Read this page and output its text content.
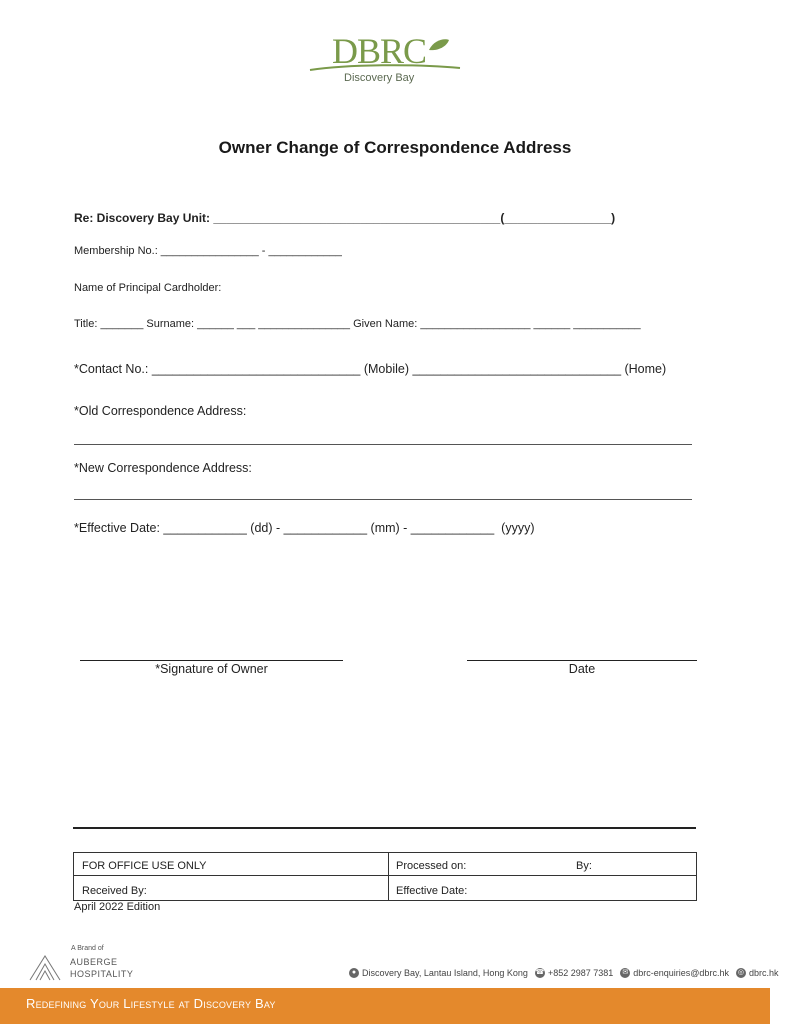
DBRC
Discovery Bay
Owner Change of Correspondence Address
Re: Discovery Bay Unit: ___________________________________________(________________)
Membership No.: ________________ - ____________
Name of Principal Cardholder:
Title: _______ Surname: ______ ___ _______________ Given Name: __________________ ______ ___________
*Contact No.: ______________________________ (Mobile) ______________________________ (Home)
*Old Correspondence Address:
*New Correspondence Address:
*Effective Date: ____________ (dd) - ____________ (mm) - ____________  (yyyy)
*Signature of Owner	Date
FOR OFFICE USE ONLY	Processed on:	By:
Received By:	Effective Date:
April 2022 Edition
A Brand of
AUBERGE
HOSPITALITY	● Discovery Bay, Lantau Island, Hong Kong ☎ +852 2987 7381 ✉ dbrc-enquiries@dbrc.hk ◎ dbrc.hk
Redefining Your Lifestyle at Discovery Bay
